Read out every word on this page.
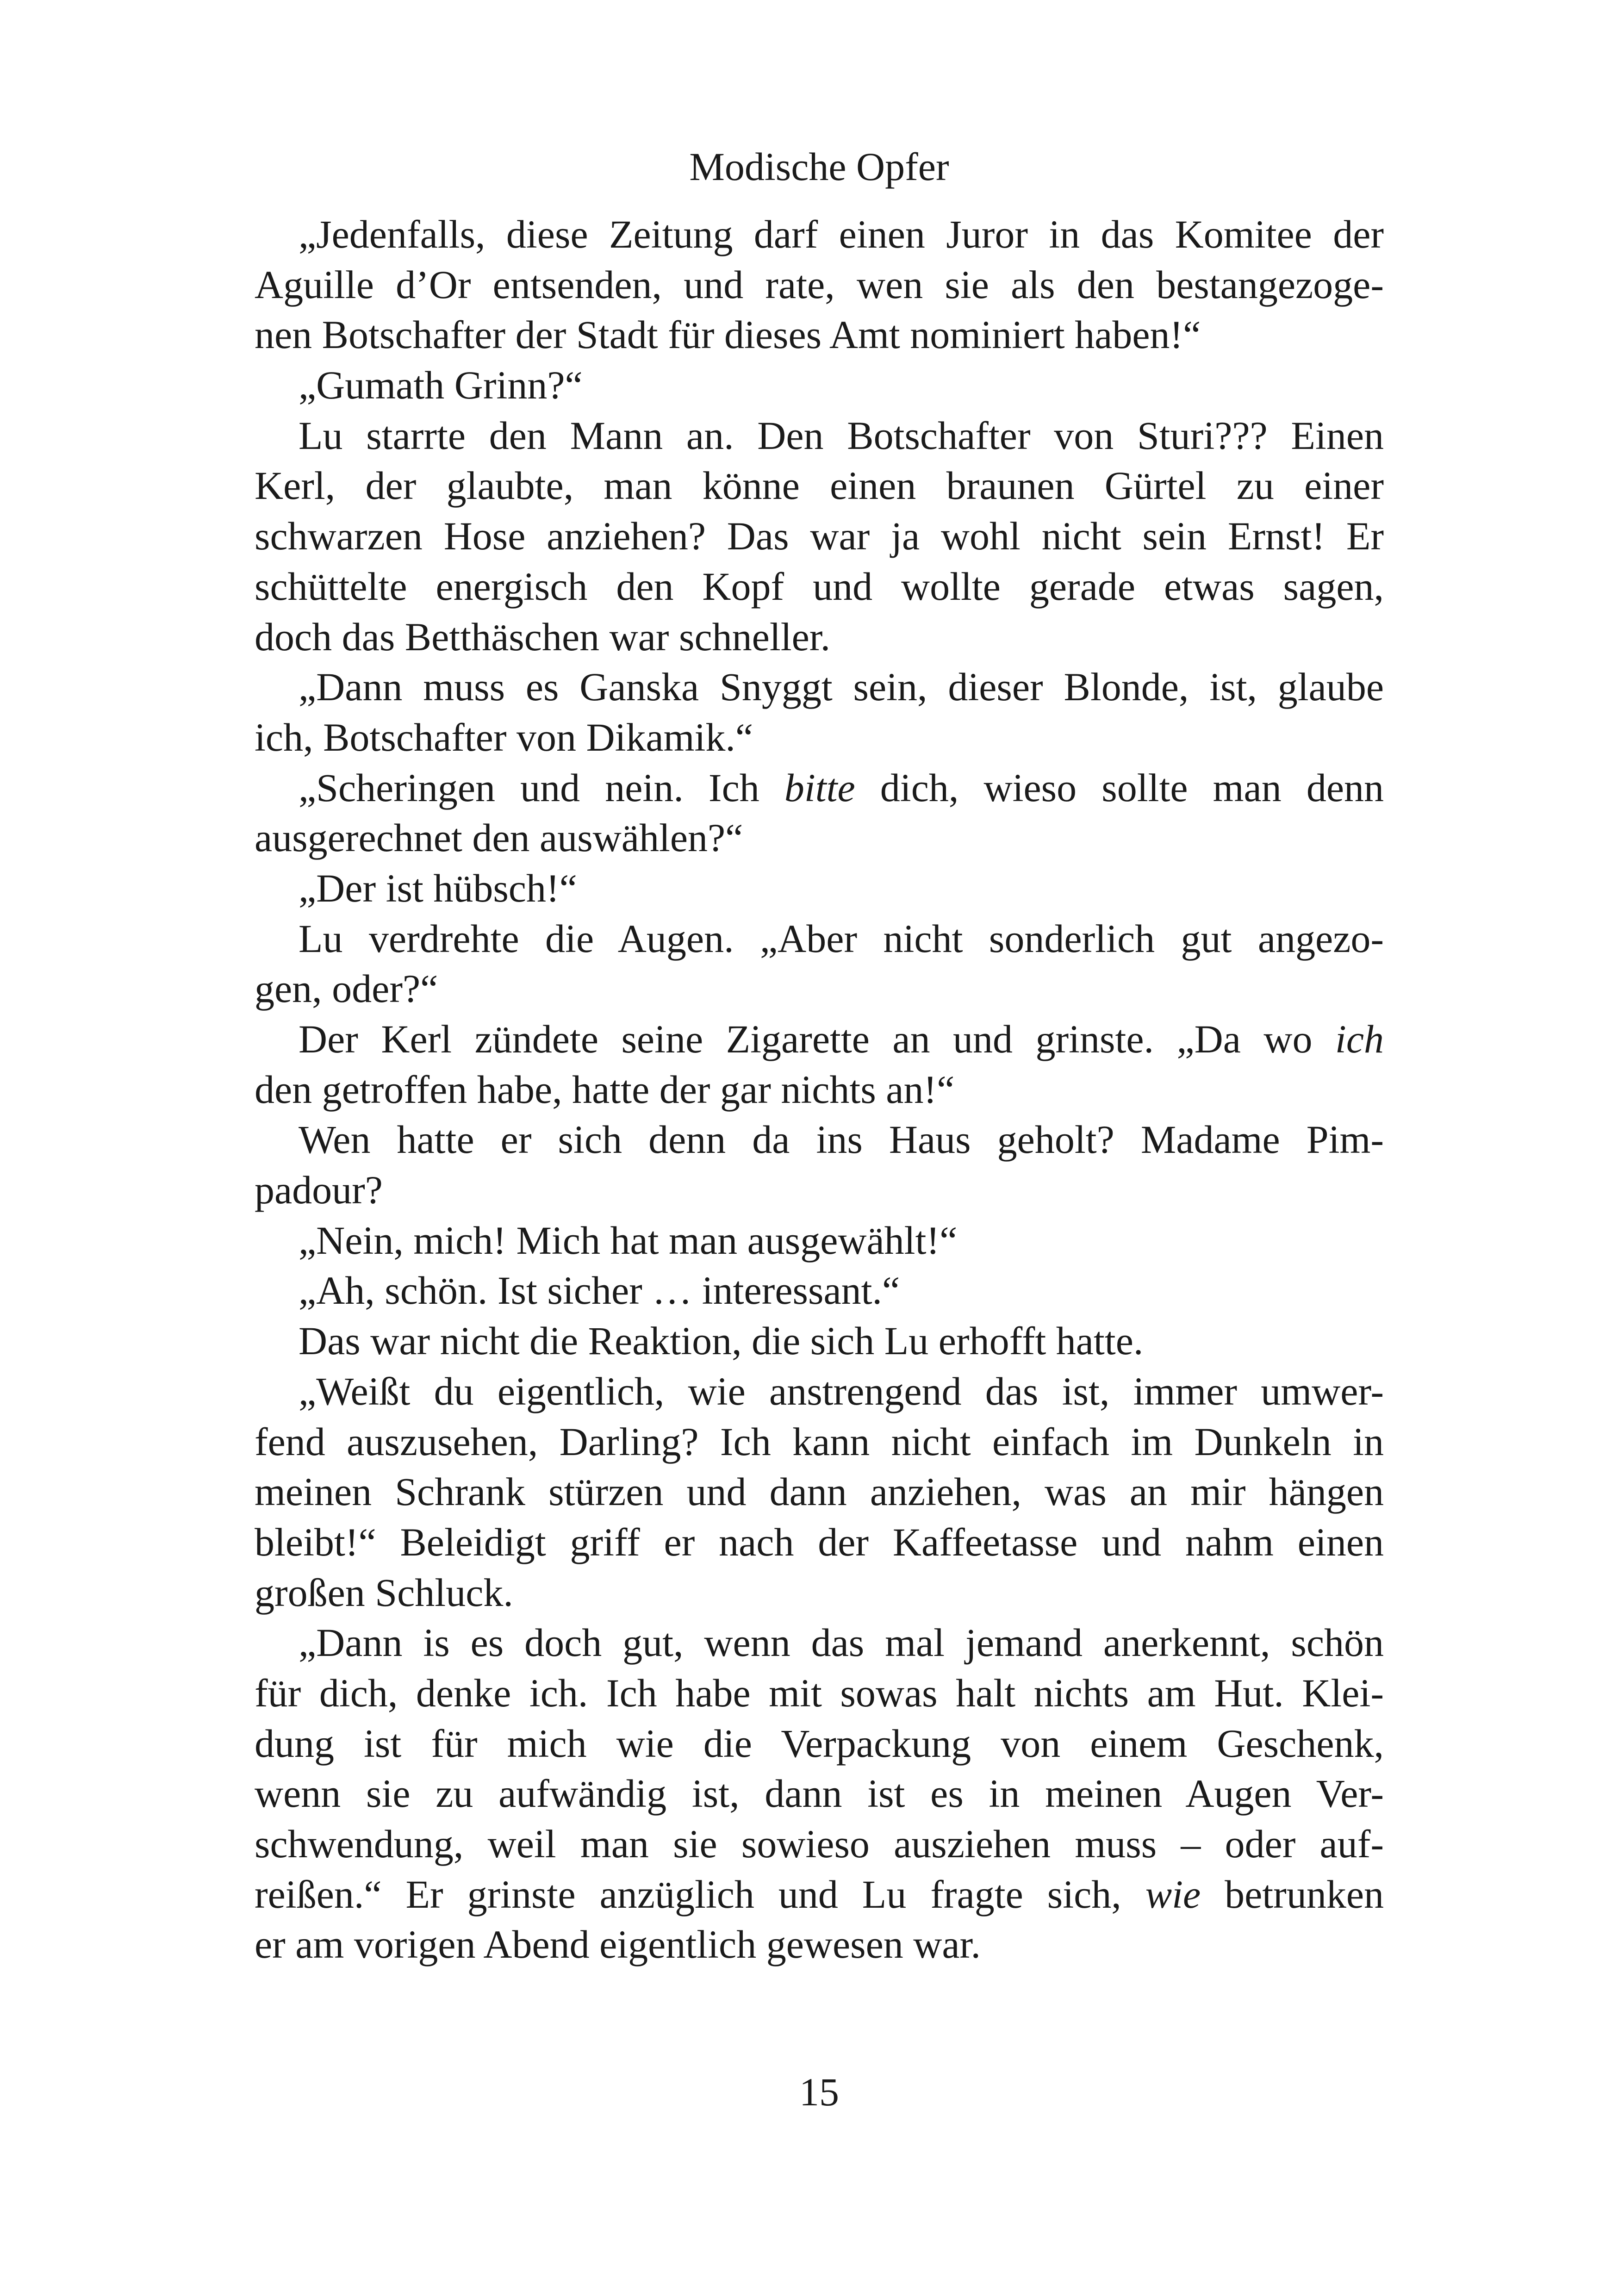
Modische Opfer
„Jedenfalls, diese Zeitung darf einen Juror in das Komitee der
Aguille d’Or entsenden, und rate, wen sie als den bestangezoge-
nen Botschafter der Stadt für dieses Amt nominiert haben!“
„Gumath Grinn?“
Lu starrte den Mann an. Den Botschafter von Sturi??? Einen
Kerl, der glaubte, man könne einen braunen Gürtel zu einer
schwarzen Hose anziehen? Das war ja wohl nicht sein Ernst! Er
schüttelte energisch den Kopf und wollte gerade etwas sagen,
doch das Betthäschen war schneller.
„Dann muss es Ganska Snyggt sein, dieser Blonde, ist, glaube
ich, Botschafter von Dikamik.“
„Scheringen und nein. Ich bitte dich, wieso sollte man denn
ausgerechnet den auswählen?“
„Der ist hübsch!“
Lu verdrehte die Augen. „Aber nicht sonderlich gut angezo-
gen, oder?“
Der Kerl zündete seine Zigarette an und grinste. „Da wo ich
den getroffen habe, hatte der gar nichts an!“
Wen hatte er sich denn da ins Haus geholt? Madame Pim-
padour?
„Nein, mich! Mich hat man ausgewählt!“
„Ah, schön. Ist sicher … interessant.“
Das war nicht die Reaktion, die sich Lu erhofft hatte.
„Weißt du eigentlich, wie anstrengend das ist, immer umwer-
fend auszusehen, Darling? Ich kann nicht einfach im Dunkeln in
meinen Schrank stürzen und dann anziehen, was an mir hängen
bleibt!“ Beleidigt griff er nach der Kaffeetasse und nahm einen
großen Schluck.
„Dann is es doch gut, wenn das mal jemand anerkennt, schön
für dich, denke ich. Ich habe mit sowas halt nichts am Hut. Klei-
dung ist für mich wie die Verpackung von einem Geschenk,
wenn sie zu aufwändig ist, dann ist es in meinen Augen Ver-
schwendung, weil man sie sowieso ausziehen muss – oder auf-
reißen.“ Er grinste anzüglich und Lu fragte sich, wie betrunken
er am vorigen Abend eigentlich gewesen war.
15
